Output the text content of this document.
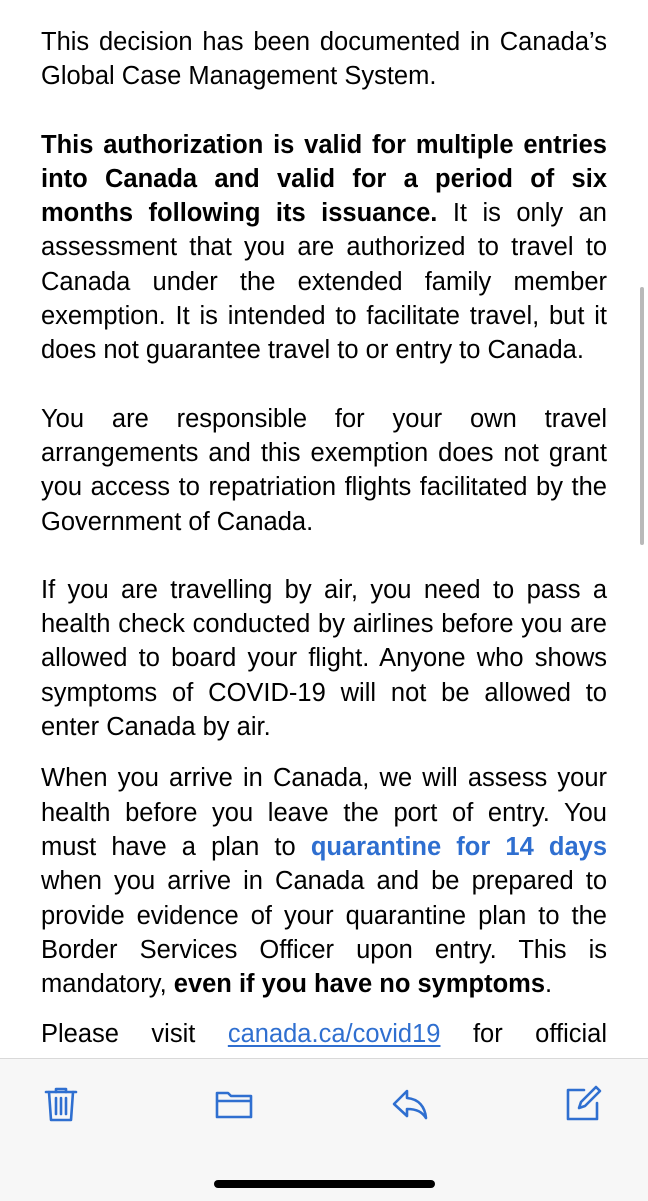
This decision has been documented in Canada’s Global Case Management System.

This authorization is valid for multiple entries into Canada and valid for a period of six months following its issuance. It is only an assessment that you are authorized to travel to Canada under the extended family member exemption. It is intended to facilitate travel, but it does not guarantee travel to or entry to Canada.

You are responsible for your own travel arrangements and this exemption does not grant you access to repatriation flights facilitated by the Government of Canada.

If you are travelling by air, you need to pass a health check conducted by airlines before you are allowed to board your flight. Anyone who shows symptoms of COVID-19 will not be allowed to enter Canada by air.

When you arrive in Canada, we will assess your health before you leave the port of entry. You must have a plan to quarantine for 14 days when you arrive in Canada and be prepared to provide evidence of your quarantine plan to the Border Services Officer upon entry. This is mandatory, even if you have no symptoms.

Please visit canada.ca/covid19 for official
